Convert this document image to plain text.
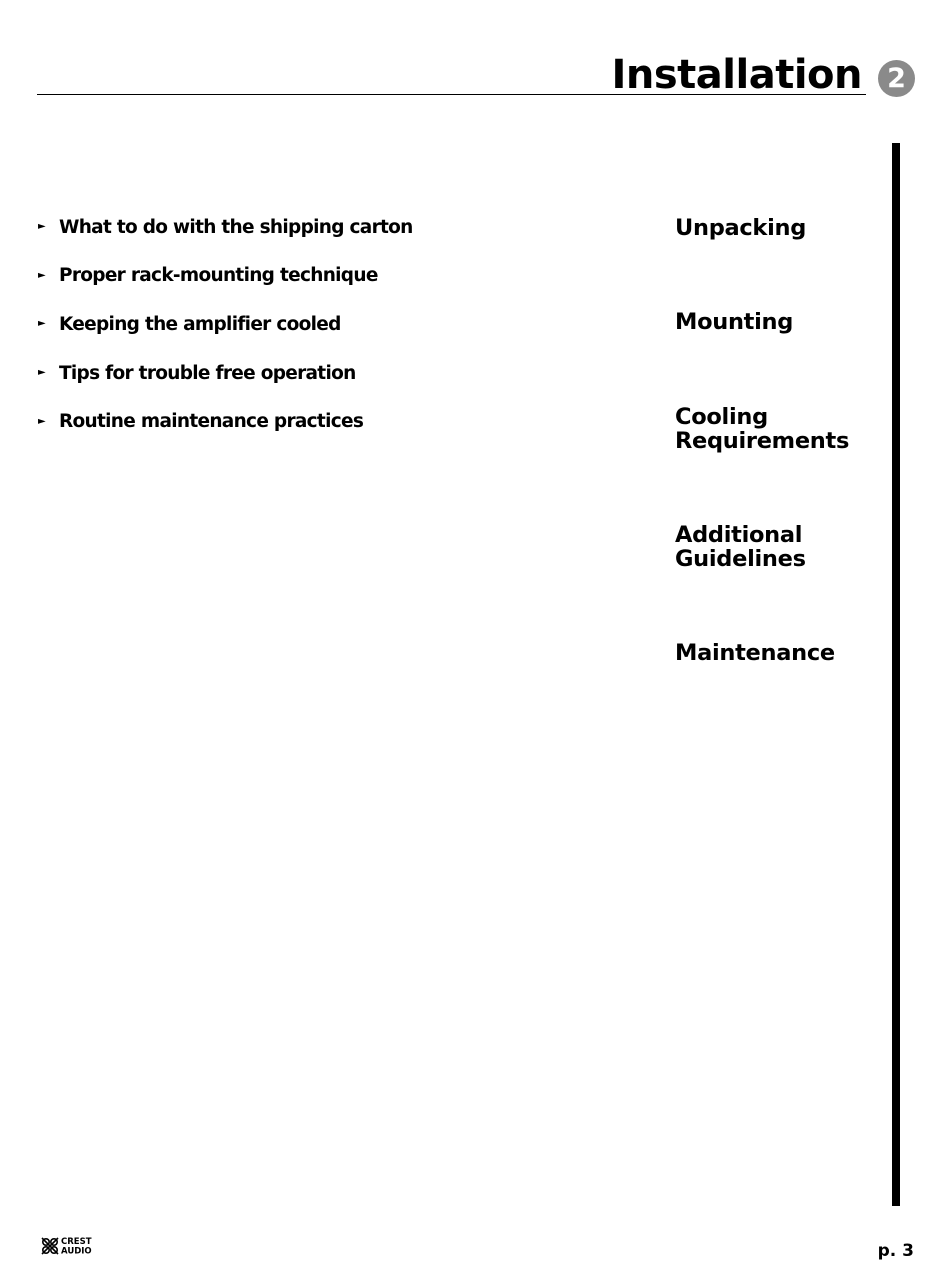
Installation 2
► What to do with the shipping carton
► Proper rack-mounting technique
► Keeping the amplifier cooled
► Tips for trouble free operation
► Routine maintenance practices
Unpacking
Mounting
Cooling
Requirements
Additional
Guidelines
Maintenance
CREST
AUDIO	p. 3
